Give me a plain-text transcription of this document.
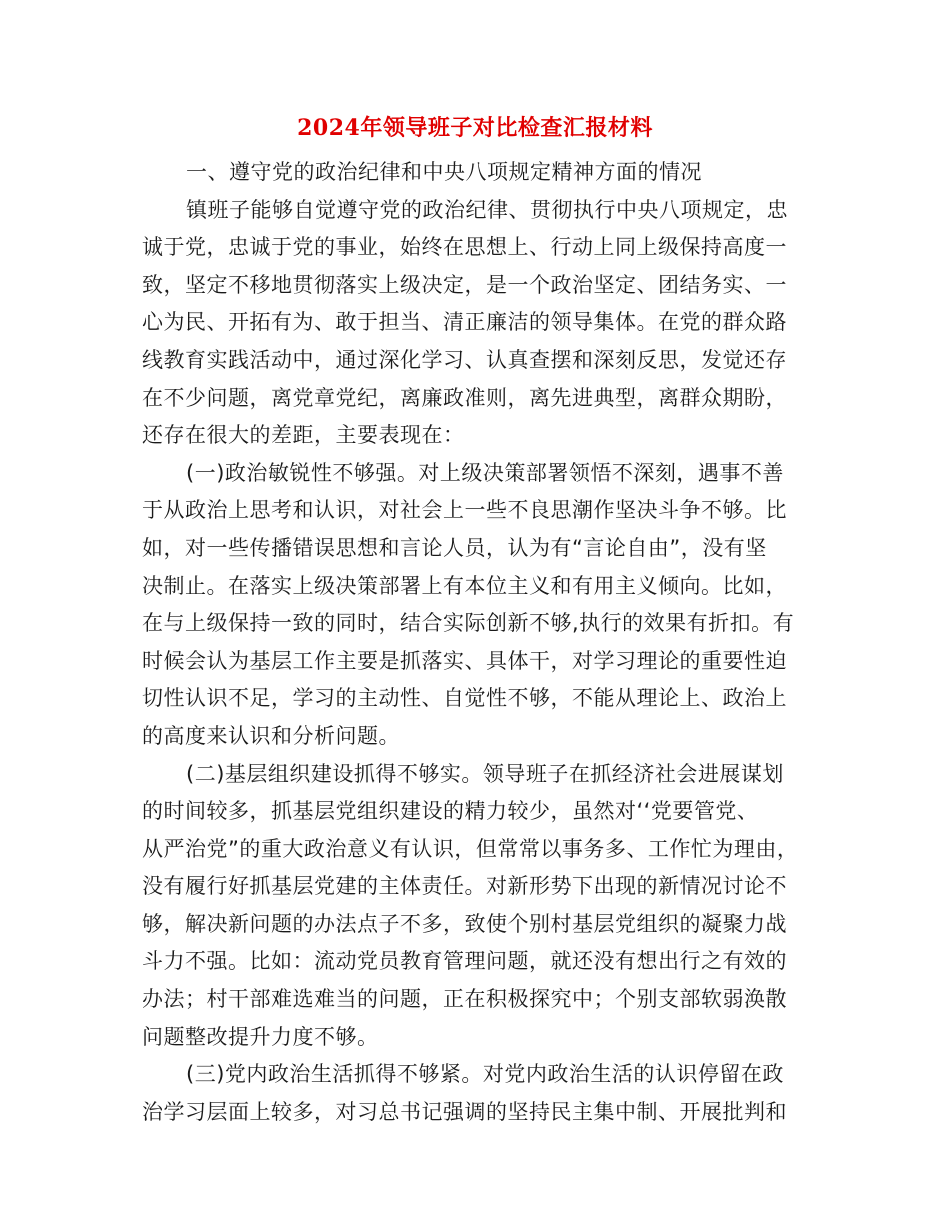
2024年领导班子对比检查汇报材料
一、遵守党的政治纪律和中央八项规定精神方面的情况
镇班子能够自觉遵守党的政治纪律、贯彻执行中央八项规定，忠
诚于党，忠诚于党的事业，始终在思想上、行动上同上级保持高度一
致，坚定不移地贯彻落实上级决定，是一个政治坚定、团结务实、一
心为民、开拓有为、敢于担当、清正廉洁的领导集体。在党的群众路
线教育实践活动中，通过深化学习、认真查摆和深刻反思，发觉还存
在不少问题，离党章党纪，离廉政准则，离先进典型，离群众期盼，
还存在很大的差距，主要表现在：
(一)政治敏锐性不够强。对上级决策部署领悟不深刻，遇事不善
于从政治上思考和认识，对社会上一些不良思潮作坚决斗争不够。比
如，对一些传播错误思想和言论人员，认为有“言论自由”，没有坚
决制止。在落实上级决策部署上有本位主义和有用主义倾向。比如，
在与上级保持一致的同时，结合实际创新不够,执行的效果有折扣。有
时候会认为基层工作主要是抓落实、具体干，对学习理论的重要性迫
切性认识不足，学习的主动性、自觉性不够，不能从理论上、政治上
的高度来认识和分析问题。
(二)基层组织建设抓得不够实。领导班子在抓经济社会进展谋划
的时间较多，抓基层党组织建设的精力较少，虽然对‘‘党要管党、
从严治党”的重大政治意义有认识，但常常以事务多、工作忙为理由，
没有履行好抓基层党建的主体责任。对新形势下出现的新情况讨论不
够，解决新问题的办法点子不多，致使个别村基层党组织的凝聚力战
斗力不强。比如：流动党员教育管理问题，就还没有想出行之有效的
办法；村干部难选难当的问题，正在积极探究中；个别支部软弱涣散
问题整改提升力度不够。
(三)党内政治生活抓得不够紧。对党内政治生活的认识停留在政
治学习层面上较多，对习总书记强调的坚持民主集中制、开展批判和
